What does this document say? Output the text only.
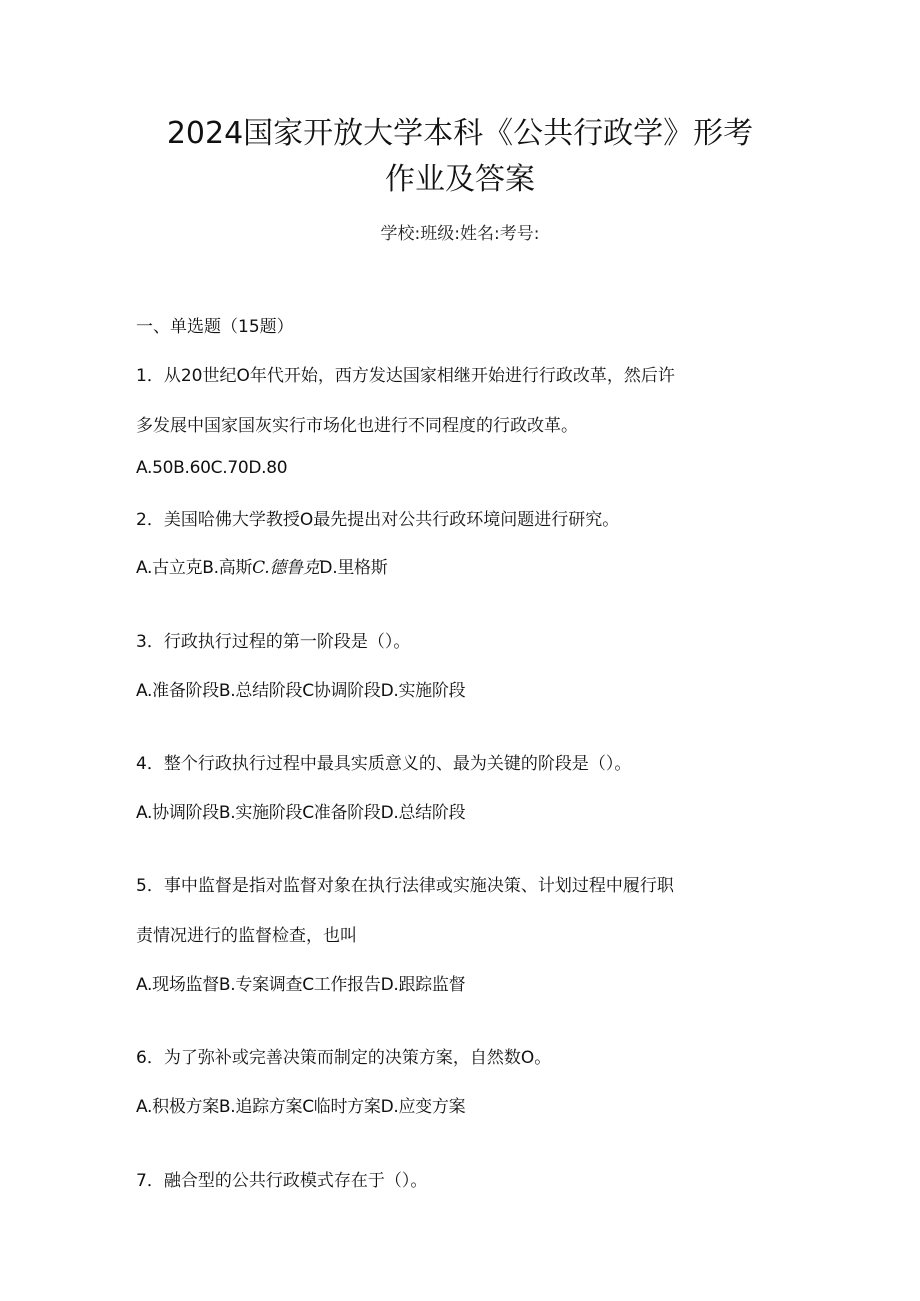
2024国家开放大学本科《公共行政学》形考
作业及答案
学校:班级:姓名:考号:
一、单选题（15题）
1．从20世纪O年代开始，西方发达国家相继开始进行行政改革，然后许
多发展中国家国灰实行市场化也进行不同程度的行政改革。
A.50B.60C.70D.80
2．美国哈佛大学教授O最先提出对公共行政环境问题进行研究。
A.古立克B.高斯C.德鲁克D.里格斯
3．行政执行过程的第一阶段是（）。
A.准备阶段B.总结阶段C协调阶段D.实施阶段
4．整个行政执行过程中最具实质意义的、最为关键的阶段是（）。
A.协调阶段B.实施阶段C准备阶段D.总结阶段
5．事中监督是指对监督对象在执行法律或实施决策、计划过程中履行职
责情况进行的监督检查，也叫
A.现场监督B.专案调查C工作报告D.跟踪监督
6．为了弥补或完善决策而制定的决策方案，自然数O。
A.积极方案B.追踪方案C临时方案D.应变方案
7．融合型的公共行政模式存在于（）。
